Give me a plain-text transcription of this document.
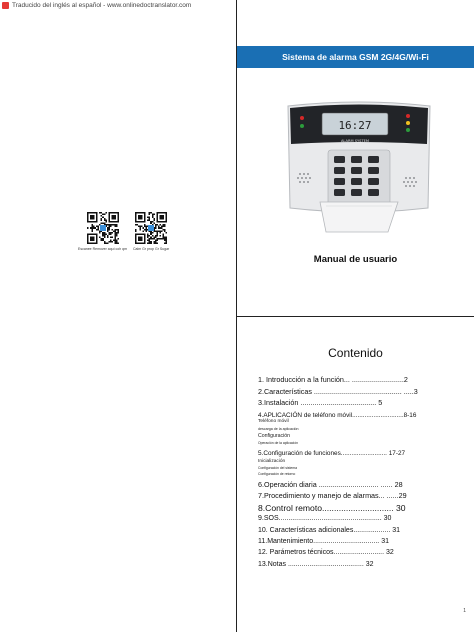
Traducido del inglés al español - www.onlinedoctranslator.com
Escanee Remover aquí coh qm Calm Gr prop Gr Sugar
Sistema de alarma GSM 2G/4G/Wi-Fi
16:27
ALARM SYSTEM
Manual de usuario
Contenido
1. Introducción a la función... ..........................2
2.Características ............................................ .....3
3.Instalación ...................................... 5
4.APLICACIÓN de teléfono móvil.............................8-16
Teléfono móvil
descarga de la aplicación
Configuración
Operación de la aplicación
5.Configuración de funciones.......................... 17-27
Inicialización
Configuración del sistema
Configuración de retorno
6.Operación diaria .............................. ...... 28
7.Procedimiento y manejo de alarmas... ......29
8.Control remoto.............................. 30
9.SOS..................................................... 30
10. Características adicionales................... 31
11.Mantenimiento.................................. 31
12. Parámetros técnicos.......................... 32
13.Notas ....................................... 32
1
